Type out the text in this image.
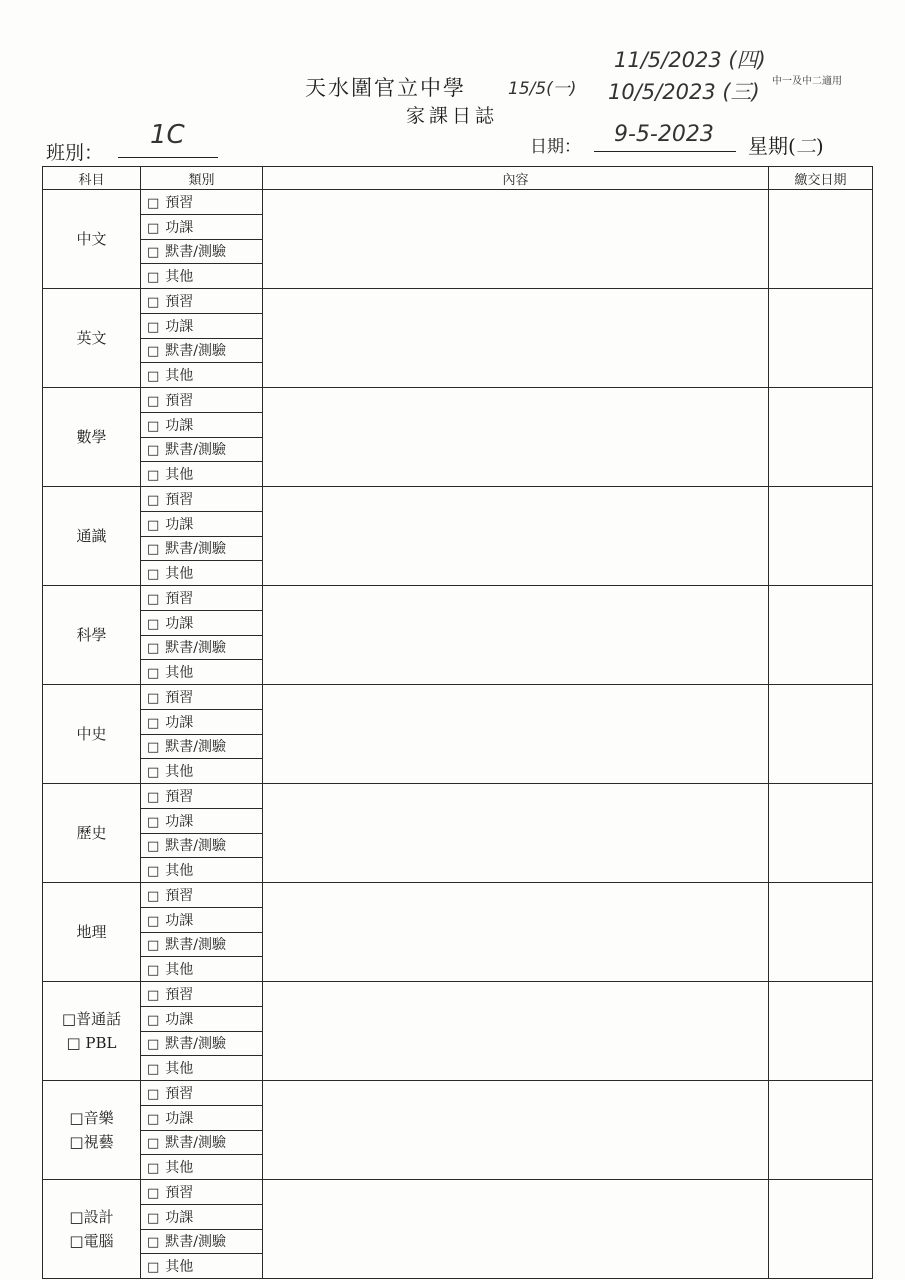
天水圍官立中學
家課日誌
15/5(一)
11/5/2023 (四)
10/5/2023 (三) 中一及中二適用
班別：
1C	日期： 9-5-2023 星期(二)
科目	類別	內容	繳交日期

中文	□ 預習		
	□ 功課		
	□ 默書/測驗		
	□ 其他		

英文	□ 預習		
	□ 功課		
	□ 默書/測驗		
	□ 其他		

數學	□ 預習		
	□ 功課		
	□ 默書/測驗		
	□ 其他		

通識	□ 預習		
	□ 功課		
	□ 默書/測驗		
	□ 其他		

科學	□ 預習		
	□ 功課		
	□ 默書/測驗		
	□ 其他		

中史	□ 預習		
	□ 功課		
	□ 默書/測驗		
	□ 其他		

歷史	□ 預習		
	□ 功課		
	□ 默書/測驗		
	□ 其他		

地理	□ 預習		
	□ 功課		
	□ 默書/測驗		
	□ 其他		

□普通話
□ PBL	□ 預習		
	□ 功課		
	□ 默書/測驗		
	□ 其他		

□音樂
□視藝	□ 預習		
	□ 功課		
	□ 默書/測驗		
	□ 其他		

□設計
□電腦	□ 預習		
	□ 功課		
	□ 默書/測驗		
	□ 其他		
